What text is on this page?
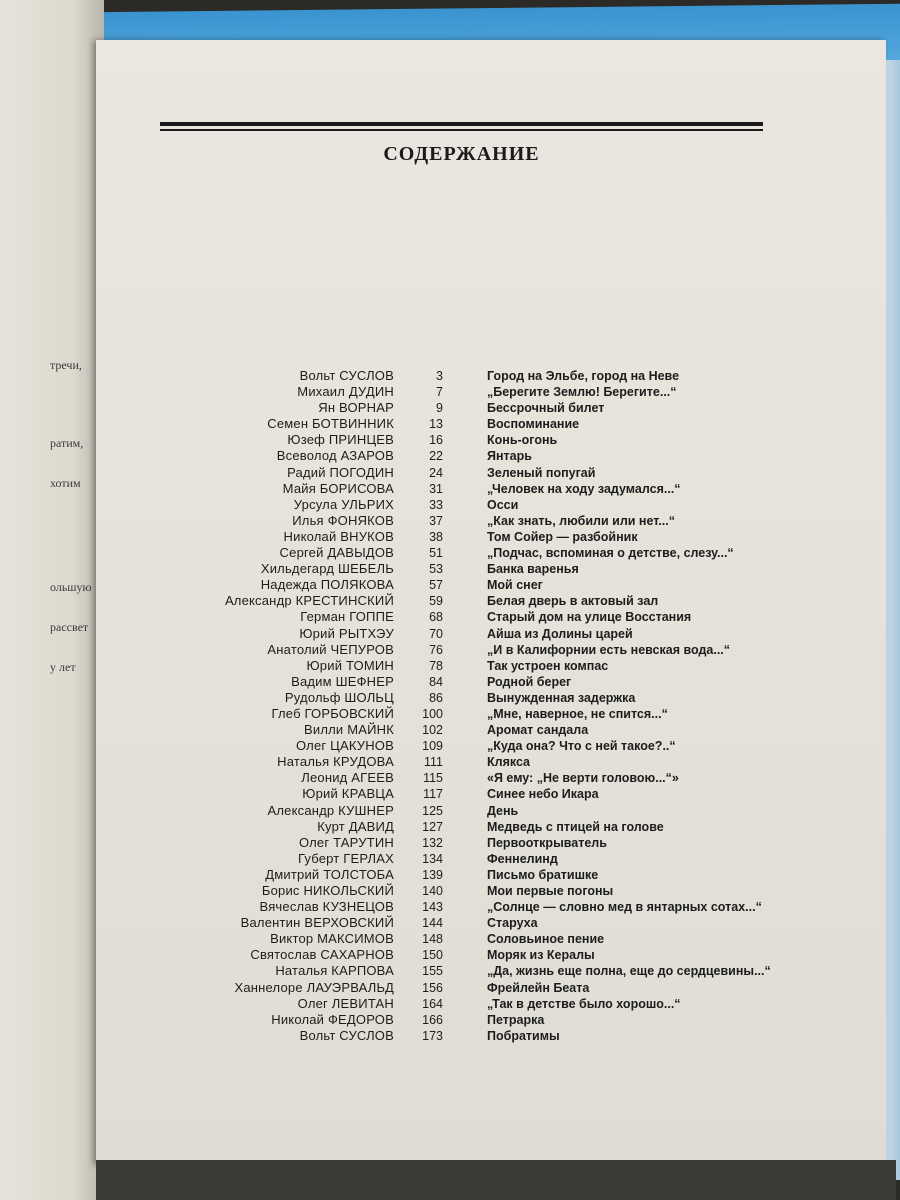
тречи,
ратим,
хотим
ольшую
рассвет
у лет
СОДЕРЖАНИЕ
Вольт СУСЛОВ	3	Город на Эльбе, город на Неве
Михаил ДУДИН	7	„Берегите Землю! Берегите...“
Ян ВОРНАР	9	Бессрочный билет
Семен БОТВИННИК	13	Воспоминание
Юзеф ПРИНЦЕВ	16	Конь-огонь
Всеволод АЗАРОВ	22	Янтарь
Радий ПОГОДИН	24	Зеленый попугай
Майя БОРИСОВА	31	„Человек на ходу задумался...“
Урсула УЛЬРИХ	33	Осси
Илья ФОНЯКОВ	37	„Как знать, любили или нет...“
Николай ВНУКОВ	38	Том Сойер — разбойник
Сергей ДАВЫДОВ	51	„Подчас, вспоминая о детстве, слезу...“
Хильдегард ШЕБЕЛЬ	53	Банка варенья
Надежда ПОЛЯКОВА	57	Мой снег
Александр КРЕСТИНСКИЙ	59	Белая дверь в актовый зал
Герман ГОППЕ	68	Старый дом на улице Восстания
Юрий РЫТХЭУ	70	Айша из Долины царей
Анатолий ЧЕПУРОВ	76	„И в Калифорнии есть невская вода...“
Юрий ТОМИН	78	Так устроен компас
Вадим ШЕФНЕР	84	Родной берег
Рудольф ШОЛЬЦ	86	Вынужденная задержка
Глеб ГОРБОВСКИЙ	100	„Мне, наверное, не спится...“
Вилли МАЙНК	102	Аромат сандала
Олег ЦАКУНОВ	109	„Куда она? Что с ней такое?..“
Наталья КРУДОВА	111	Клякса
Леонид АГЕЕВ	115	«Я ему: „Не верти головою...“»
Юрий КРАВЦА	117	Синее небо Икара
Александр КУШНЕР	125	День
Курт ДАВИД	127	Медведь с птицей на голове
Олег ТАРУТИН	132	Первооткрыватель
Губерт ГЕРЛАХ	134	Феннелинд
Дмитрий ТОЛСТОБА	139	Письмо братишке
Борис НИКОЛЬСКИЙ	140	Мои первые погоны
Вячеслав КУЗНЕЦОВ	143	„Солнце — словно мед в янтарных сотах...“
Валентин ВЕРХОВСКИЙ	144	Старуха
Виктор МАКСИМОВ	148	Соловьиное пение
Святослав САХАРНОВ	150	Моряк из Кералы
Наталья КАРПОВА	155	„Да, жизнь еще полна, еще до сердцевины...“
Ханнелоре ЛАУЭРВАЛЬД	156	Фрейлейн Беата
Олег ЛЕВИТАН	164	„Так в детстве было хорошо...“
Николай ФЕДОРОВ	166	Петрарка
Вольт СУСЛОВ	173	Побратимы
